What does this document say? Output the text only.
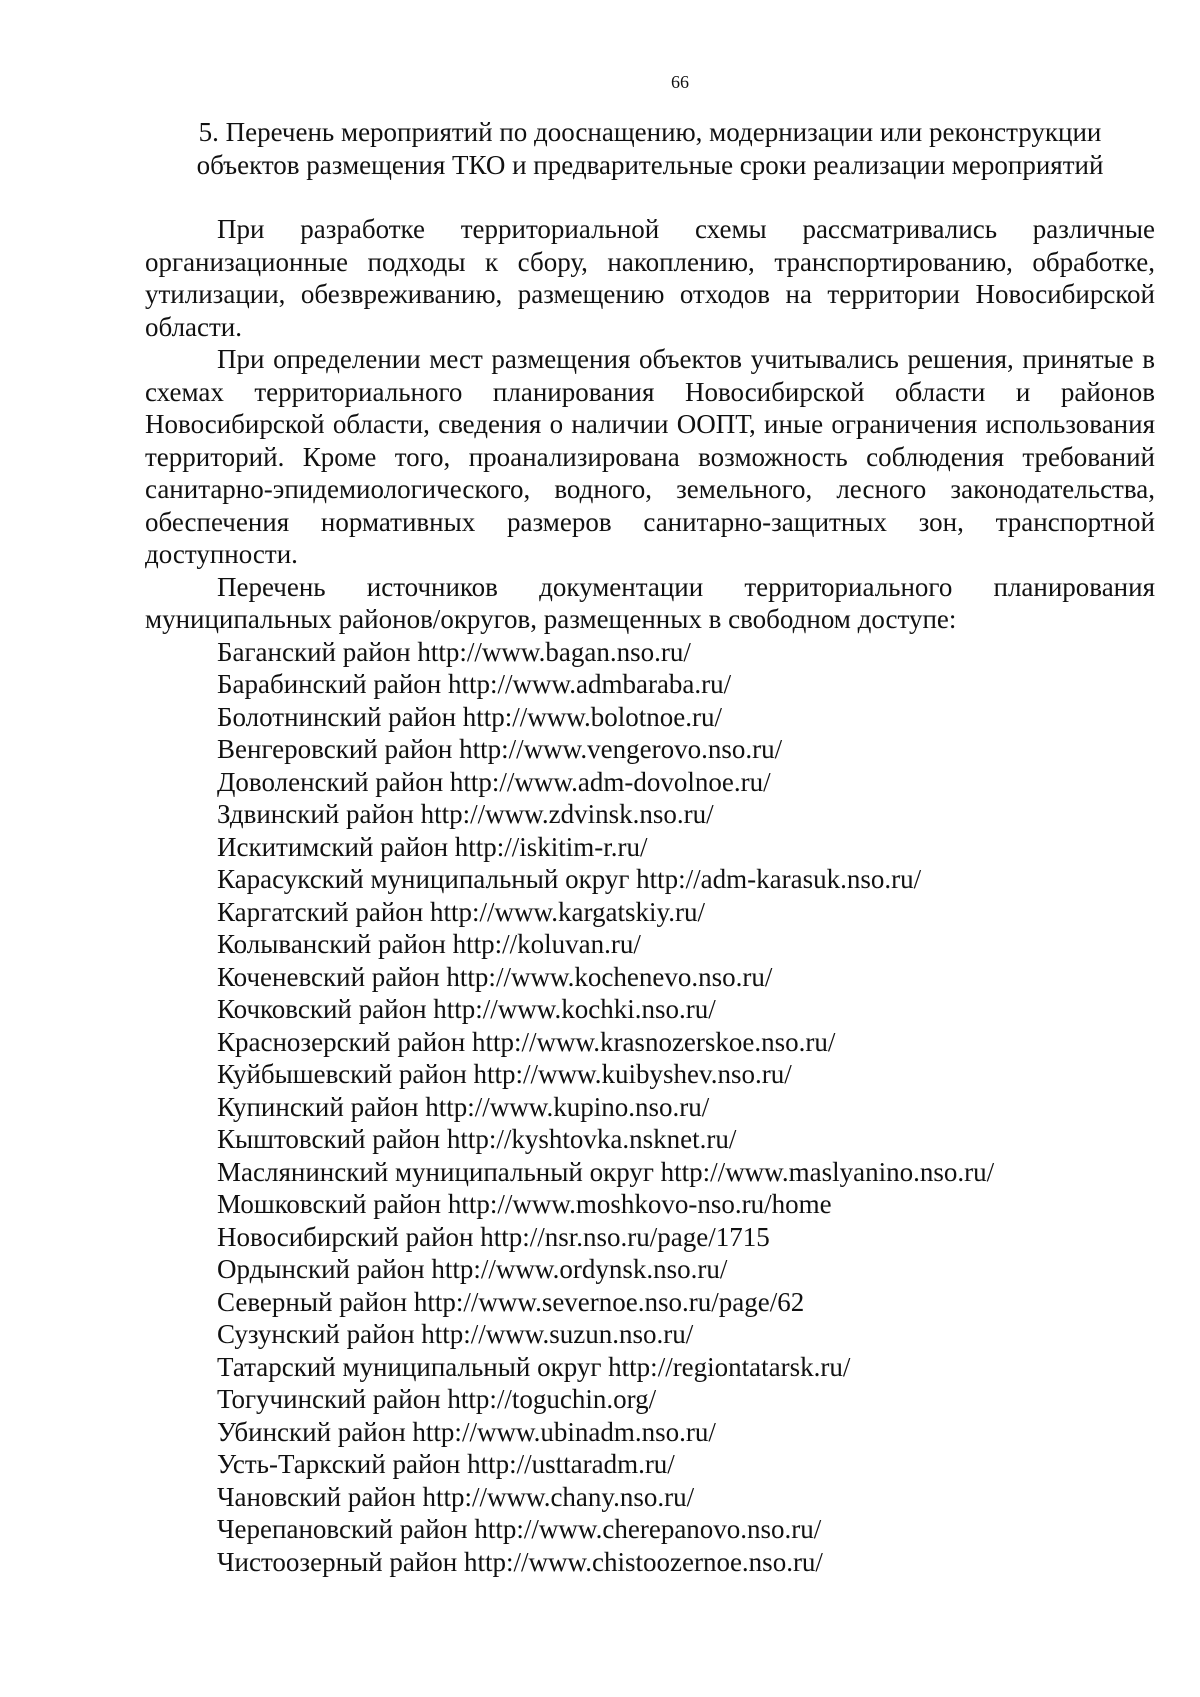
66
5. Перечень мероприятий по дооснащению, модернизации или реконструкции
объектов размещения ТКО и предварительные сроки реализации мероприятий

При разработке территориальной схемы рассматривались различные организационные подходы к сбору, накоплению, транспортированию, обработке, утилизации, обезвреживанию, размещению отходов на территории Новосибирской области.

При определении мест размещения объектов учитывались решения, принятые в схемах территориального планирования Новосибирской области и районов Новосибирской области, сведения о наличии ООПТ, иные ограничения использования территорий. Кроме того, проанализирована возможность соблюдения требований санитарно-эпидемиологического, водного, земельного, лесного законодательства, обеспечения нормативных размеров санитарно-защитных зон, транспортной доступности.

Перечень источников документации территориального планирования муниципальных районов/округов, размещенных в свободном доступе:

Баганский район http://www.bagan.nso.ru/
Барабинский район http://www.admbaraba.ru/
Болотнинский район http://www.bolotnoe.ru/
Венгеровский район http://www.vengerovo.nso.ru/
Доволенский район http://www.adm-dovolnoe.ru/
Здвинский район http://www.zdvinsk.nso.ru/
Искитимский район http://iskitim-r.ru/
Карасукский муниципальный округ http://adm-karasuk.nso.ru/
Каргатский район http://www.kargatskiy.ru/
Колыванский район http://koluvan.ru/
Коченевский район http://www.kochenevo.nso.ru/
Кочковский район http://www.kochki.nso.ru/
Краснозерский район http://www.krasnozerskoe.nso.ru/
Куйбышевский район http://www.kuibyshev.nso.ru/
Купинский район http://www.kupino.nso.ru/
Кыштовский район http://kyshtovka.nsknet.ru/
Маслянинский муниципальный округ http://www.maslyanino.nso.ru/
Мошковский район http://www.moshkovo-nso.ru/home
Новосибирский район http://nsr.nso.ru/page/1715
Ордынский район http://www.ordynsk.nso.ru/
Северный район http://www.severnoe.nso.ru/page/62
Сузунский район http://www.suzun.nso.ru/
Татарский муниципальный округ http://regiontatarsk.ru/
Тогучинский район http://toguchin.org/
Убинский район http://www.ubinadm.nso.ru/
Усть-Таркский район http://usttaradm.ru/
Чановский район http://www.chany.nso.ru/
Черепановский район http://www.cherepanovo.nso.ru/
Чистоозерный район http://www.chistoozernoe.nso.ru/
